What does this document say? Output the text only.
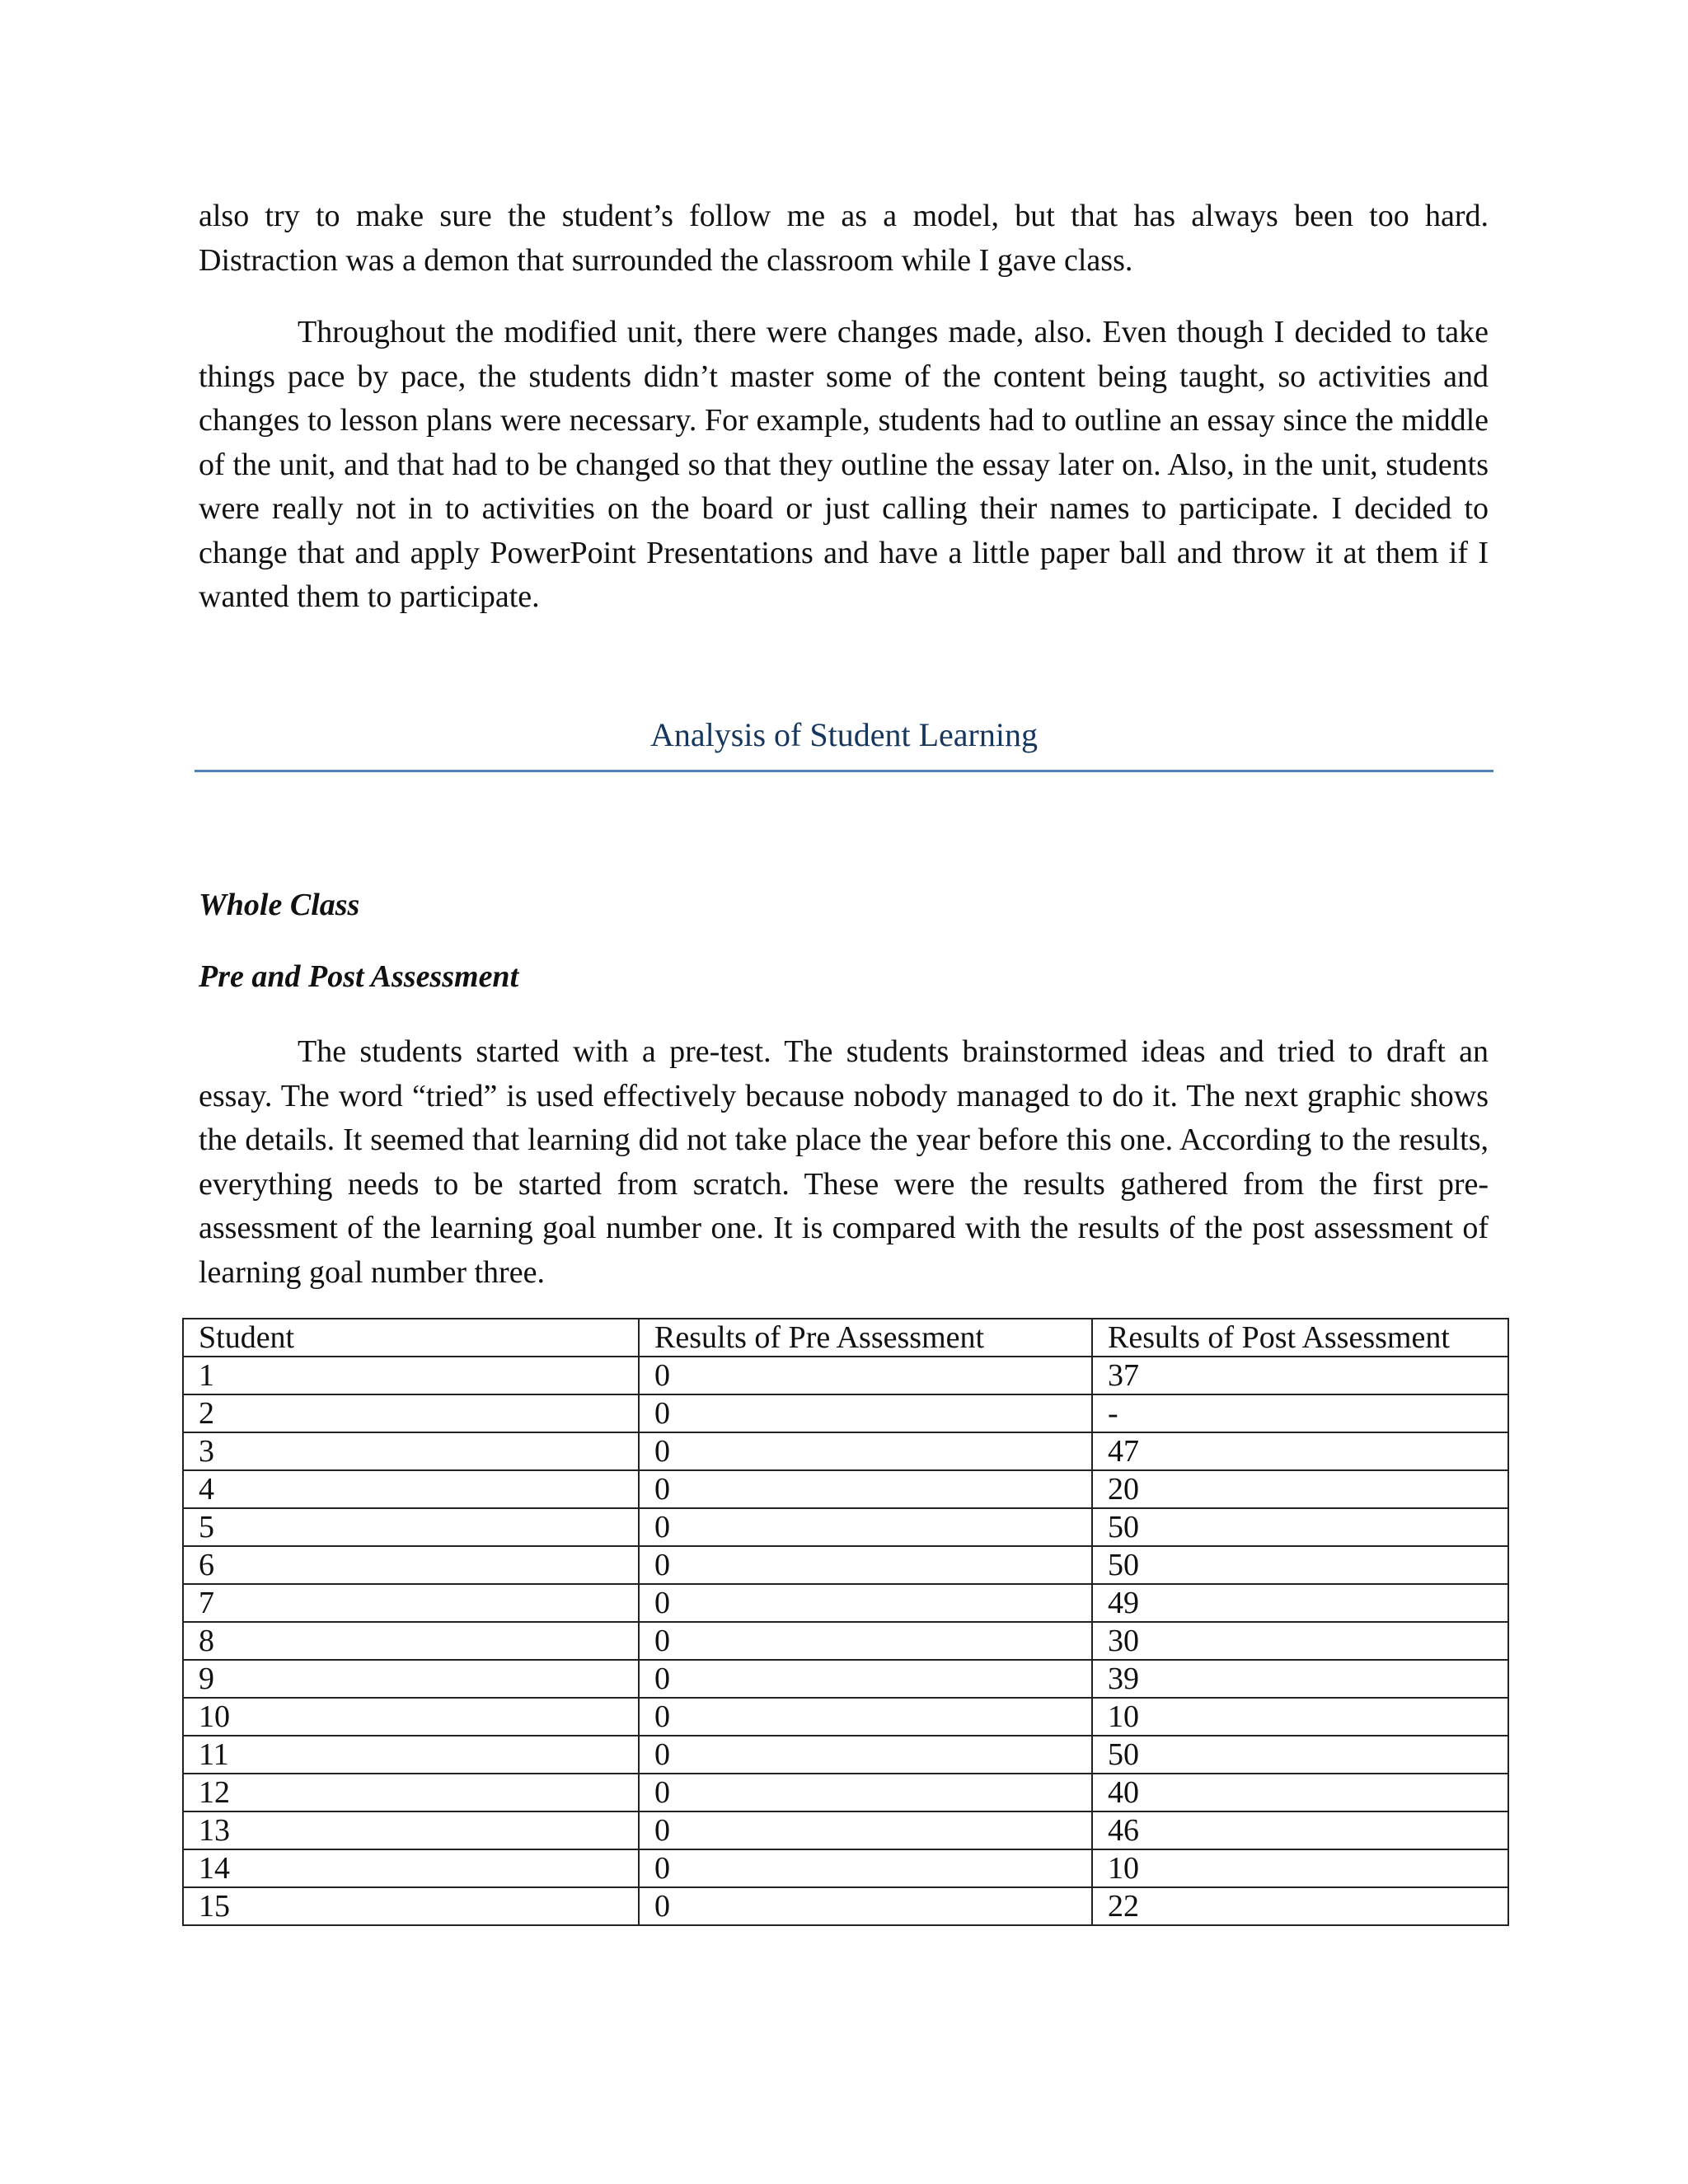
also try to make sure the student’s follow me as a model, but that has always been too hard. Distraction was a demon that surrounded the classroom while I gave class.

Throughout the modified unit, there were changes made, also. Even though I decided to take things pace by pace, the students didn’t master some of the content being taught, so activities and changes to lesson plans were necessary. For example, students had to outline an essay since the middle of the unit, and that had to be changed so that they outline the essay later on. Also, in the unit, students were really not in to activities on the board or just calling their names to participate. I decided to change that and apply PowerPoint Presentations and have a little paper ball and throw it at them if I wanted them to participate.

Analysis of Student Learning
Whole Class
Pre and Post Assessment

The students started with a pre-test. The students brainstormed ideas and tried to draft an essay. The word “tried” is used effectively because nobody managed to do it. The next graphic shows the details. It seemed that learning did not take place the year before this one. According to the results, everything needs to be started from scratch. These were the results gathered from the first pre-assessment of the learning goal number one. It is compared with the results of the post assessment of learning goal number three.

Student	Results of Pre Assessment	Results of Post Assessment
1	0	37
2	0	-
3	0	47
4	0	20
5	0	50
6	0	50
7	0	49
8	0	30
9	0	39
10	0	10
11	0	50
12	0	40
13	0	46
14	0	10
15	0	22
